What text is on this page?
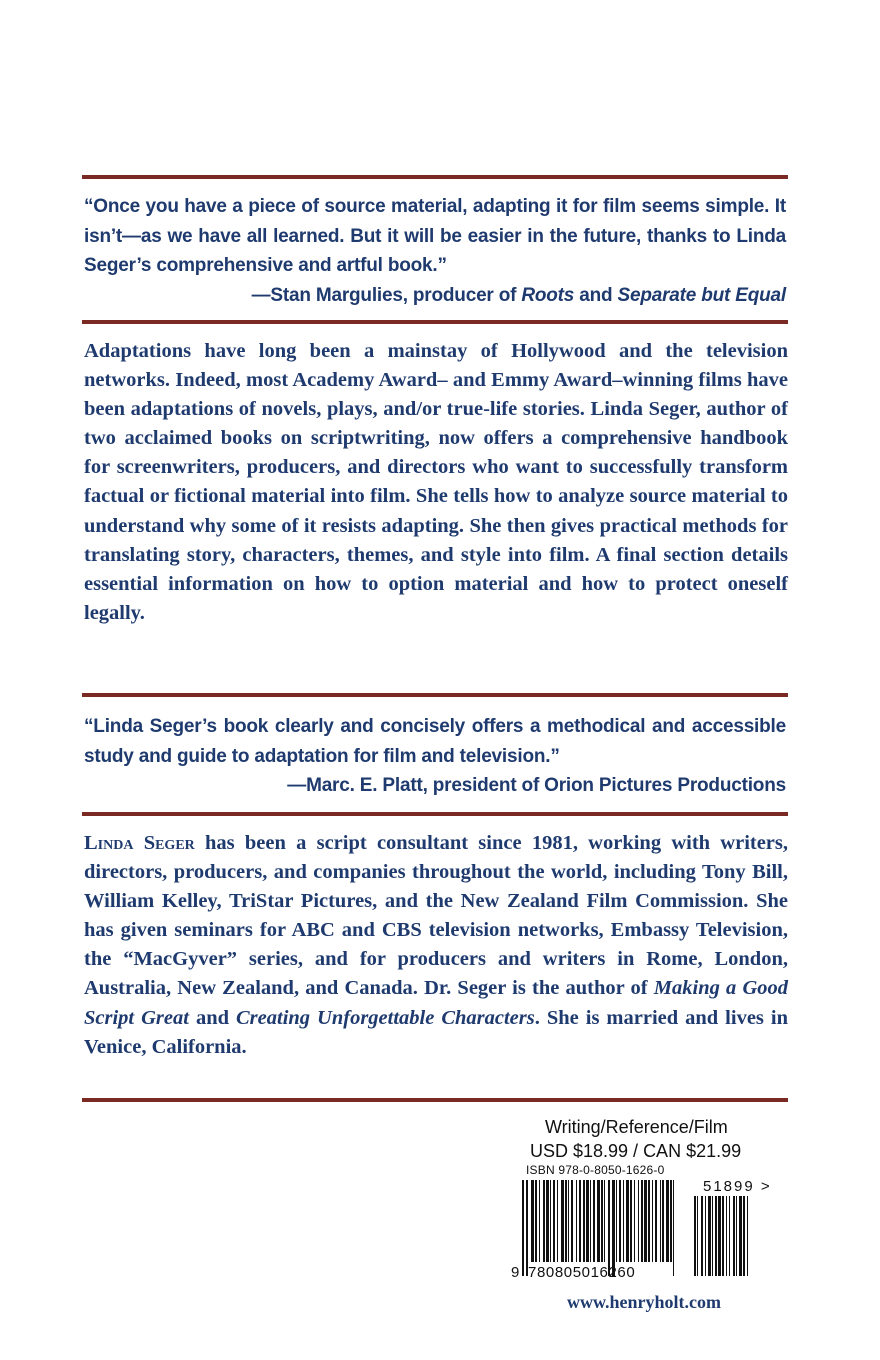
“Once you have a piece of source material, adapting it for film seems simple. It isn’t—as we have all learned. But it will be easier in the future, thanks to Linda Seger’s comprehensive and artful book.”

—Stan Margulies, producer of Roots and Separate but Equal

Adaptations have long been a mainstay of Hollywood and the television networks. Indeed, most Academy Award– and Emmy Award–winning films have been adaptations of novels, plays, and/or true-life stories. Linda Seger, author of two acclaimed books on scriptwriting, now offers a comprehensive handbook for screenwriters, producers, and directors who want to successfully transform factual or fictional material into film. She tells how to analyze source material to understand why some of it resists adapting. She then gives practical methods for translating story, characters, themes, and style into film. A final section details essential information on how to option material and how to protect oneself legally.

“Linda Seger’s book clearly and concisely offers a methodical and accessible study and guide to adaptation for film and television.”

—Marc. E. Platt, president of Orion Pictures Productions

Linda Seger has been a script consultant since 1981, working with writers, directors, producers, and companies throughout the world, including Tony Bill, William Kelley, TriStar Pictures, and the New Zealand Film Commission. She has given seminars for ABC and CBS television networks, Embassy Television, the “MacGyver” series, and for producers and writers in Rome, London, Australia, New Zealand, and Canada. Dr. Seger is the author of Making a Good Script Great and Creating Unforgettable Characters. She is married and lives in Venice, California.

Writing/Reference/Film
USD $18.99 / CAN $21.99
ISBN 978-0-8050-1626-0
51899 >
9 780805016260
www.henryholt.com
